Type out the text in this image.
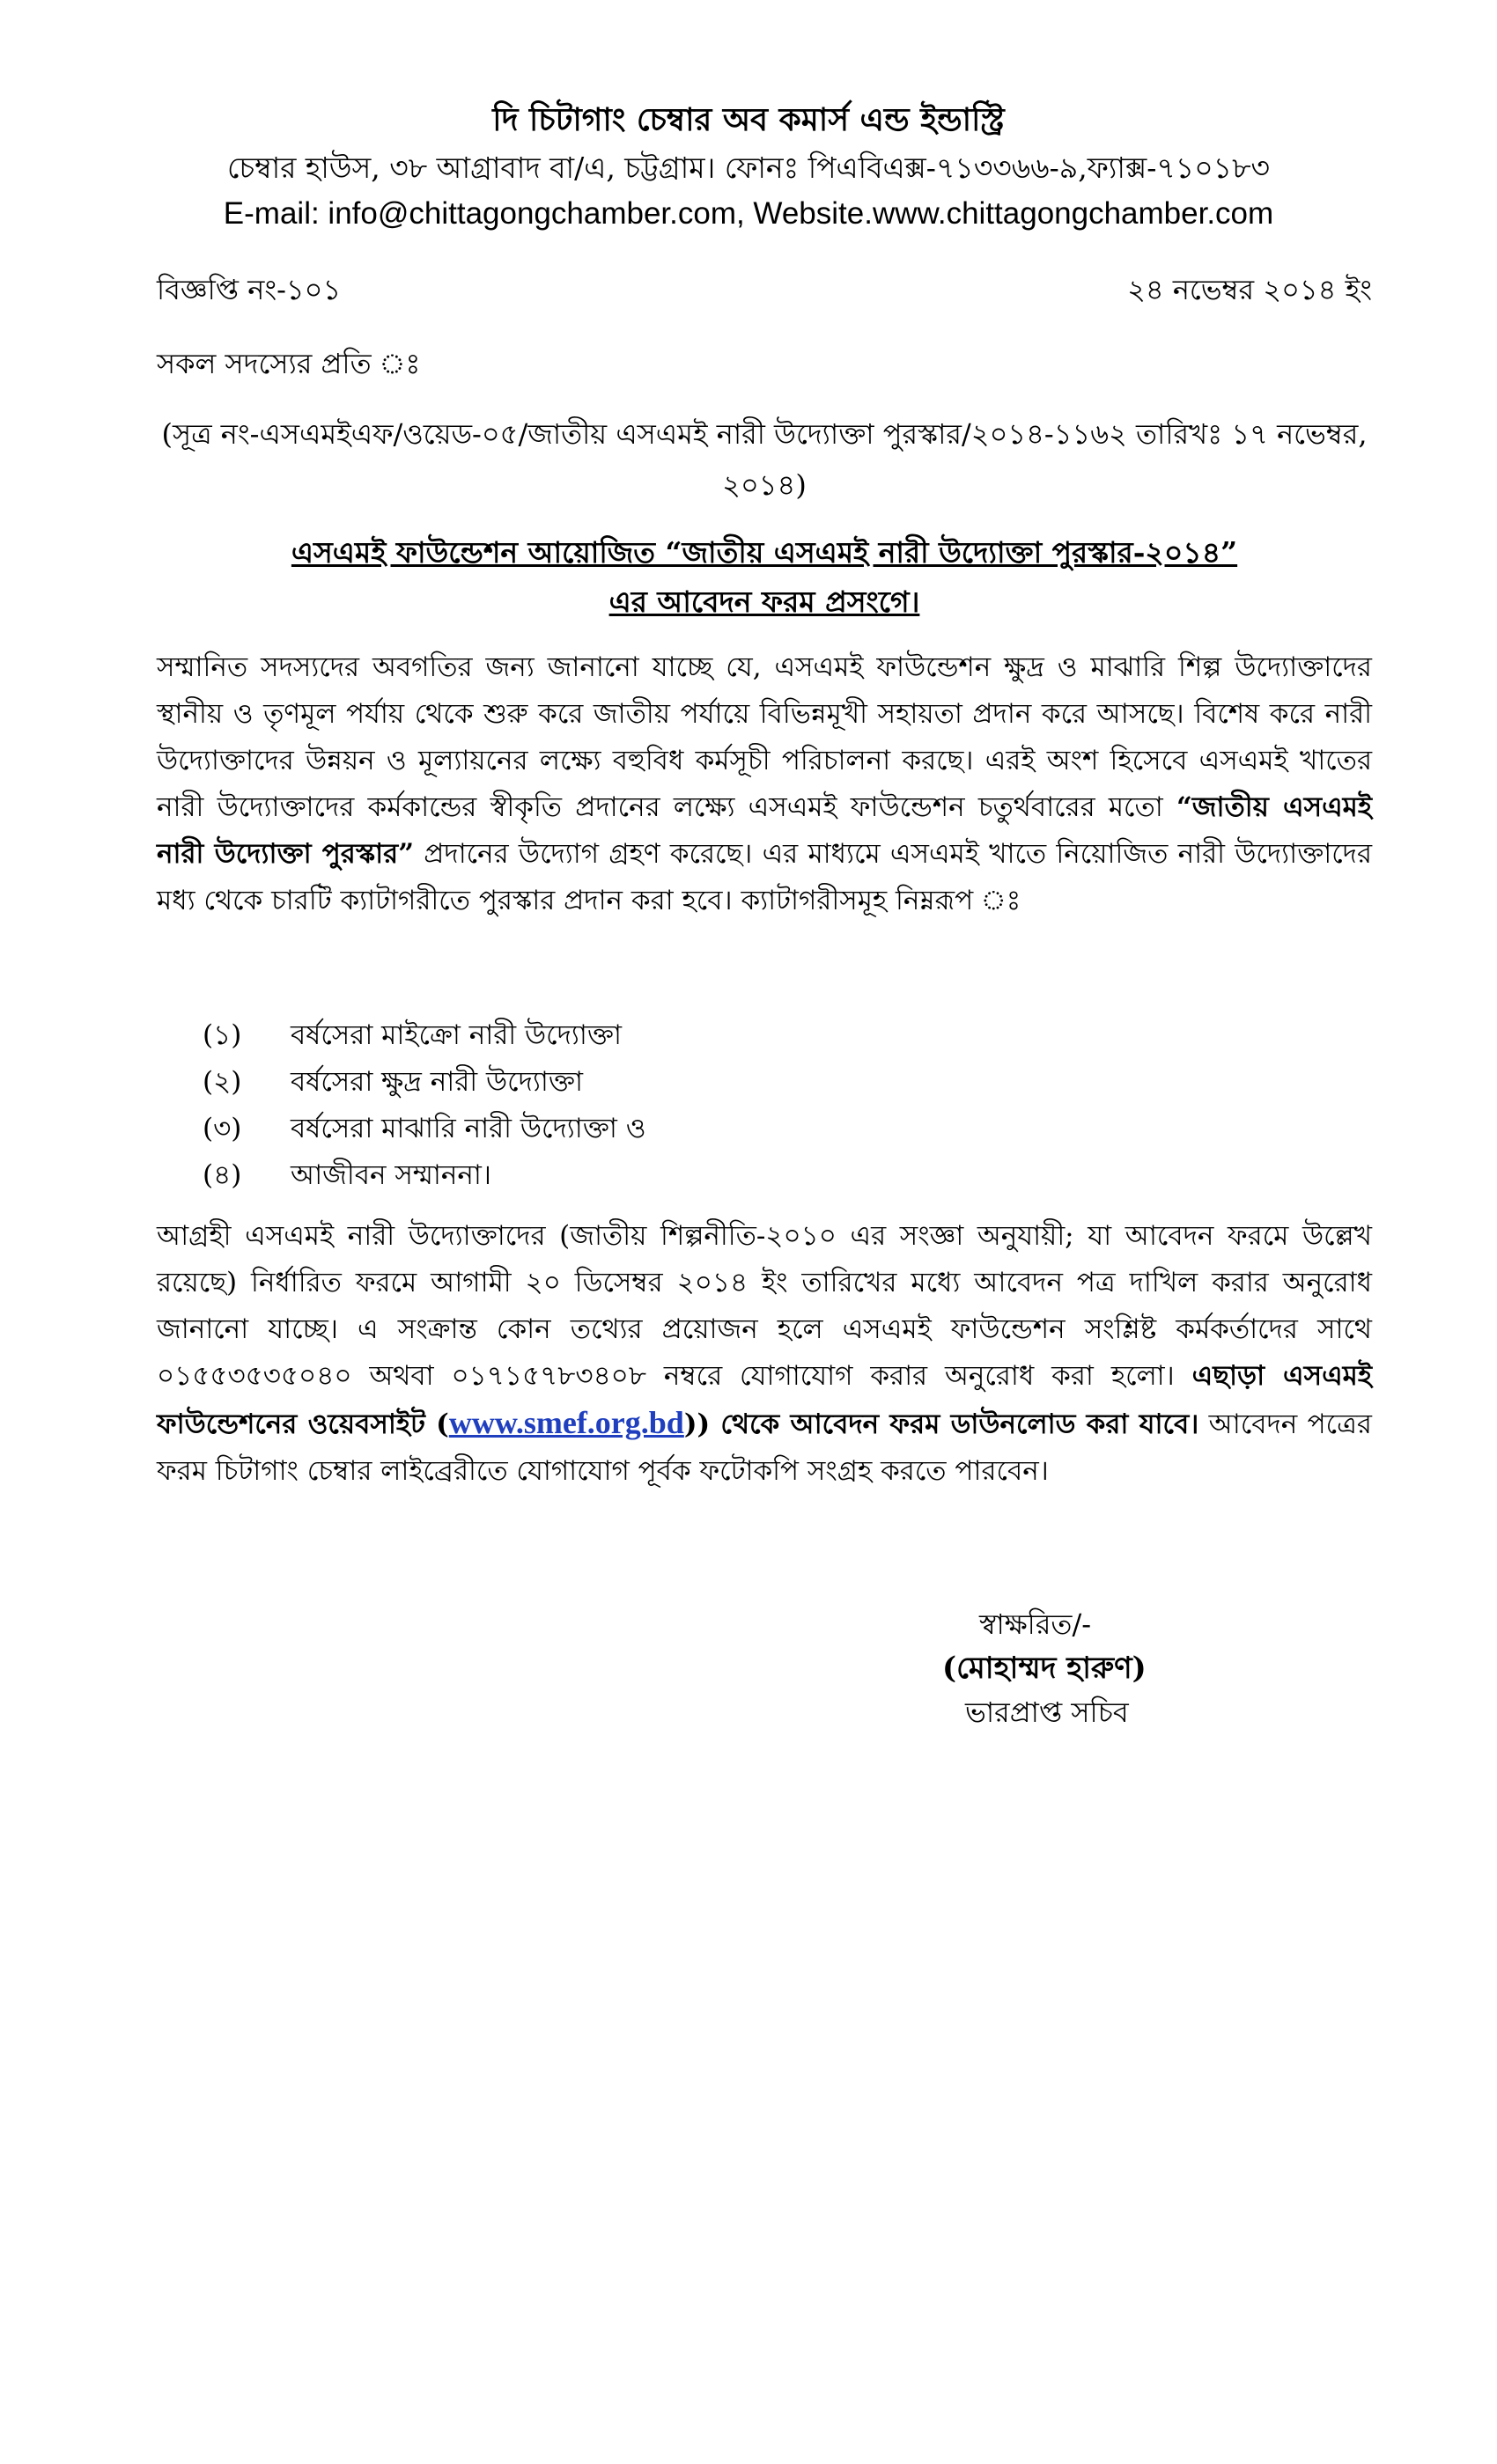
দি চিটাগাং চেম্বার অব কমার্স এন্ড ইন্ডাস্ট্রি
চেম্বার হাউস, ৩৮ আগ্রাবাদ বা/এ, চট্টগ্রাম। ফোনঃ পিএবিএক্স-৭১৩৩৬৬-৯,ফ্যাক্স-৭১০১৮৩
E-mail: info@chittagongchamber.com, Website.www.chittagongchamber.com
বিজ্ঞপ্তি নং-১০১	২৪ নভেম্বর ২০১৪ ইং
সকল সদস্যের প্রতি ঃ
(সূত্র নং-এসএমইএফ/ওয়েড-০৫/জাতীয় এসএমই নারী উদ্যোক্তা পুরস্কার/২০১৪-১১৬২ তারিখঃ ১৭ নভেম্বর, ২০১৪)
এসএমই ফাউন্ডেশন আয়োজিত “জাতীয় এসএমই নারী উদ্যোক্তা পুরস্কার-২০১৪”
এর আবেদন ফরম প্রসংগে।
সম্মানিত সদস্যদের অবগতির জন্য জানানো যাচ্ছে যে, এসএমই ফাউন্ডেশন ক্ষুদ্র ও মাঝারি শিল্প উদ্যোক্তাদের স্থানীয় ও তৃণমূল পর্যায় থেকে শুরু করে জাতীয় পর্যায়ে বিভিন্নমূখী সহায়তা প্রদান করে আসছে। বিশেষ করে নারী উদ্যোক্তাদের উন্নয়ন ও মূল্যায়নের লক্ষ্যে বহুবিধ কর্মসূচী পরিচালনা করছে। এরই অংশ হিসেবে এসএমই খাতের নারী উদ্যোক্তাদের কর্মকান্ডের স্বীকৃতি প্রদানের লক্ষ্যে এসএমই ফাউন্ডেশন চতুর্থবারের মতো “জাতীয় এসএমই নারী উদ্যোক্তা পুরস্কার” প্রদানের উদ্যোগ গ্রহণ করেছে। এর মাধ্যমে এসএমই খাতে নিয়োজিত নারী উদ্যোক্তাদের মধ্য থেকে চারটি ক্যাটাগরীতে পুরস্কার প্রদান করা হবে। ক্যাটাগরীসমূহ নিম্নরূপ ঃ
(১) বর্ষসেরা মাইক্রো নারী উদ্যোক্তা
(২) বর্ষসেরা ক্ষুদ্র নারী উদ্যোক্তা
(৩) বর্ষসেরা মাঝারি নারী উদ্যোক্তা ও
(৪) আজীবন সম্মাননা।
আগ্রহী এসএমই নারী উদ্যোক্তাদের (জাতীয় শিল্পনীতি-২০১০ এর সংজ্ঞা অনুযায়ী; যা আবেদন ফরমে উল্লেখ রয়েছে) নির্ধারিত ফরমে আগামী ২০ ডিসেম্বর ২০১৪ ইং তারিখের মধ্যে আবেদন পত্র দাখিল করার অনুরোধ জানানো যাচ্ছে। এ সংক্রান্ত কোন তথ্যের প্রয়োজন হলে এসএমই ফাউন্ডেশন সংশ্লিষ্ট কর্মকর্তাদের সাথে ০১৫৫৩৫৩৫০৪০ অথবা ০১৭১৫৭৮৩৪০৮ নম্বরে যোগাযোগ করার অনুরোধ করা হলো। এছাড়া এসএমই ফাউন্ডেশনের ওয়েবসাইট (www.smef.org.bd)) থেকে আবেদন ফরম ডাউনলোড করা যাবে। আবেদন পত্রের ফরম চিটাগাং চেম্বার লাইব্রেরীতে যোগাযোগ পূর্বক ফটোকপি সংগ্রহ করতে পারবেন।
স্বাক্ষরিত/-
(মোহাম্মদ হারুণ)
ভারপ্রাপ্ত সচিব
